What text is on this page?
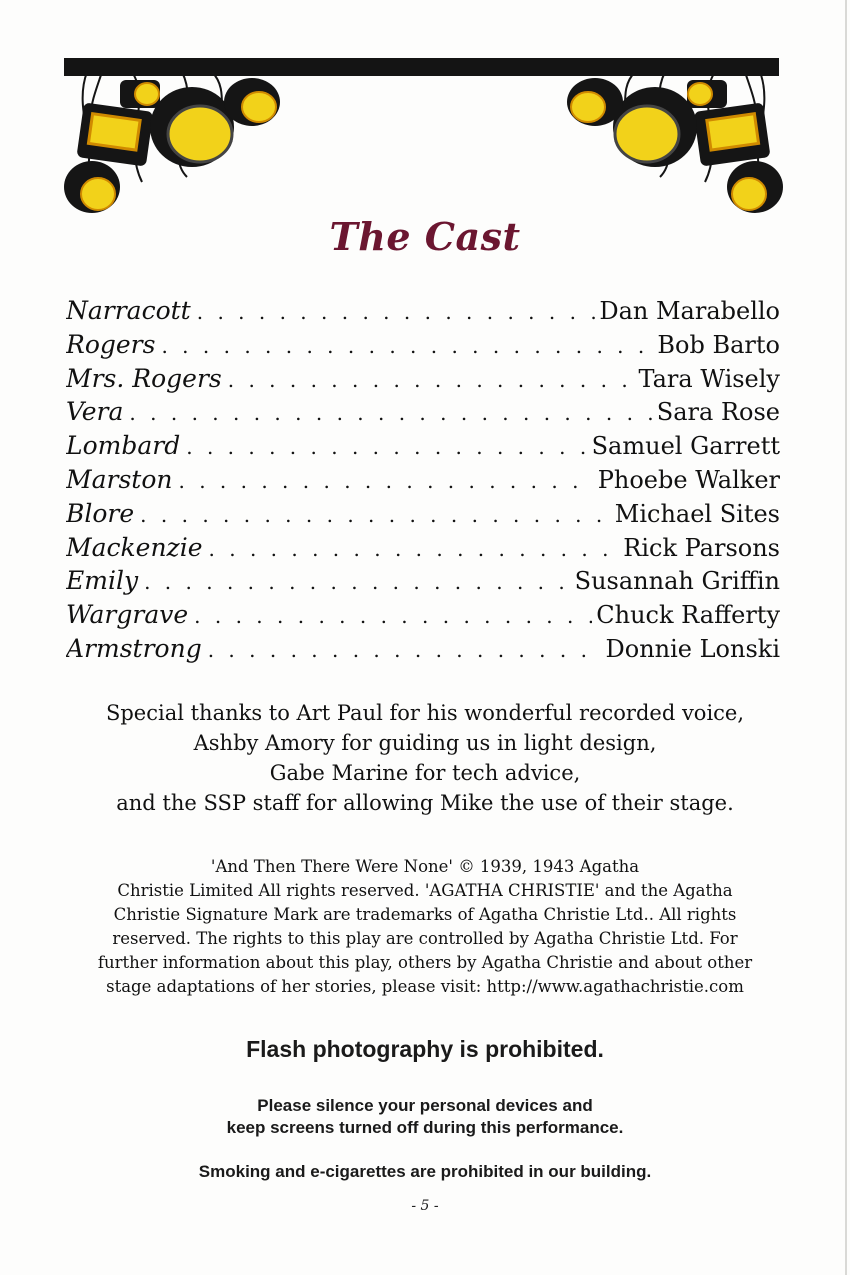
The Cast
Narracott . . .	Dan Marabello
Rogers . . .	Bob Barto
Mrs. Rogers . . .	Tara Wisely
Vera . . .	Sara Rose
Lombard . . .	Samuel Garrett
Marston . . .	Phoebe Walker
Blore . . .	Michael Sites
Mackenzie . . .	Rick Parsons
Emily . . .	Susannah Griffin
Wargrave . . .	Chuck Rafferty
Armstrong . . .	Donnie Lonski
Special thanks to Art Paul for his wonderful recorded voice,
Ashby Amory for guiding us in light design,
Gabe Marine for tech advice,
and the SSP staff for allowing Mike the use of their stage.
'And Then There Were None' © 1939, 1943 Agatha
Christie Limited All rights reserved. 'AGATHA CHRISTIE' and the Agatha
Christie Signature Mark are trademarks of Agatha Christie Ltd.. All rights
reserved. The rights to this play are controlled by Agatha Christie Ltd. For
further information about this play, others by Agatha Christie and about other
stage adaptations of her stories, please visit: http://www.agathachristie.com
Flash photography is prohibited.
Please silence your personal devices and
keep screens turned off during this performance.
Smoking and e-cigarettes are prohibited in our building.
- 5 -
